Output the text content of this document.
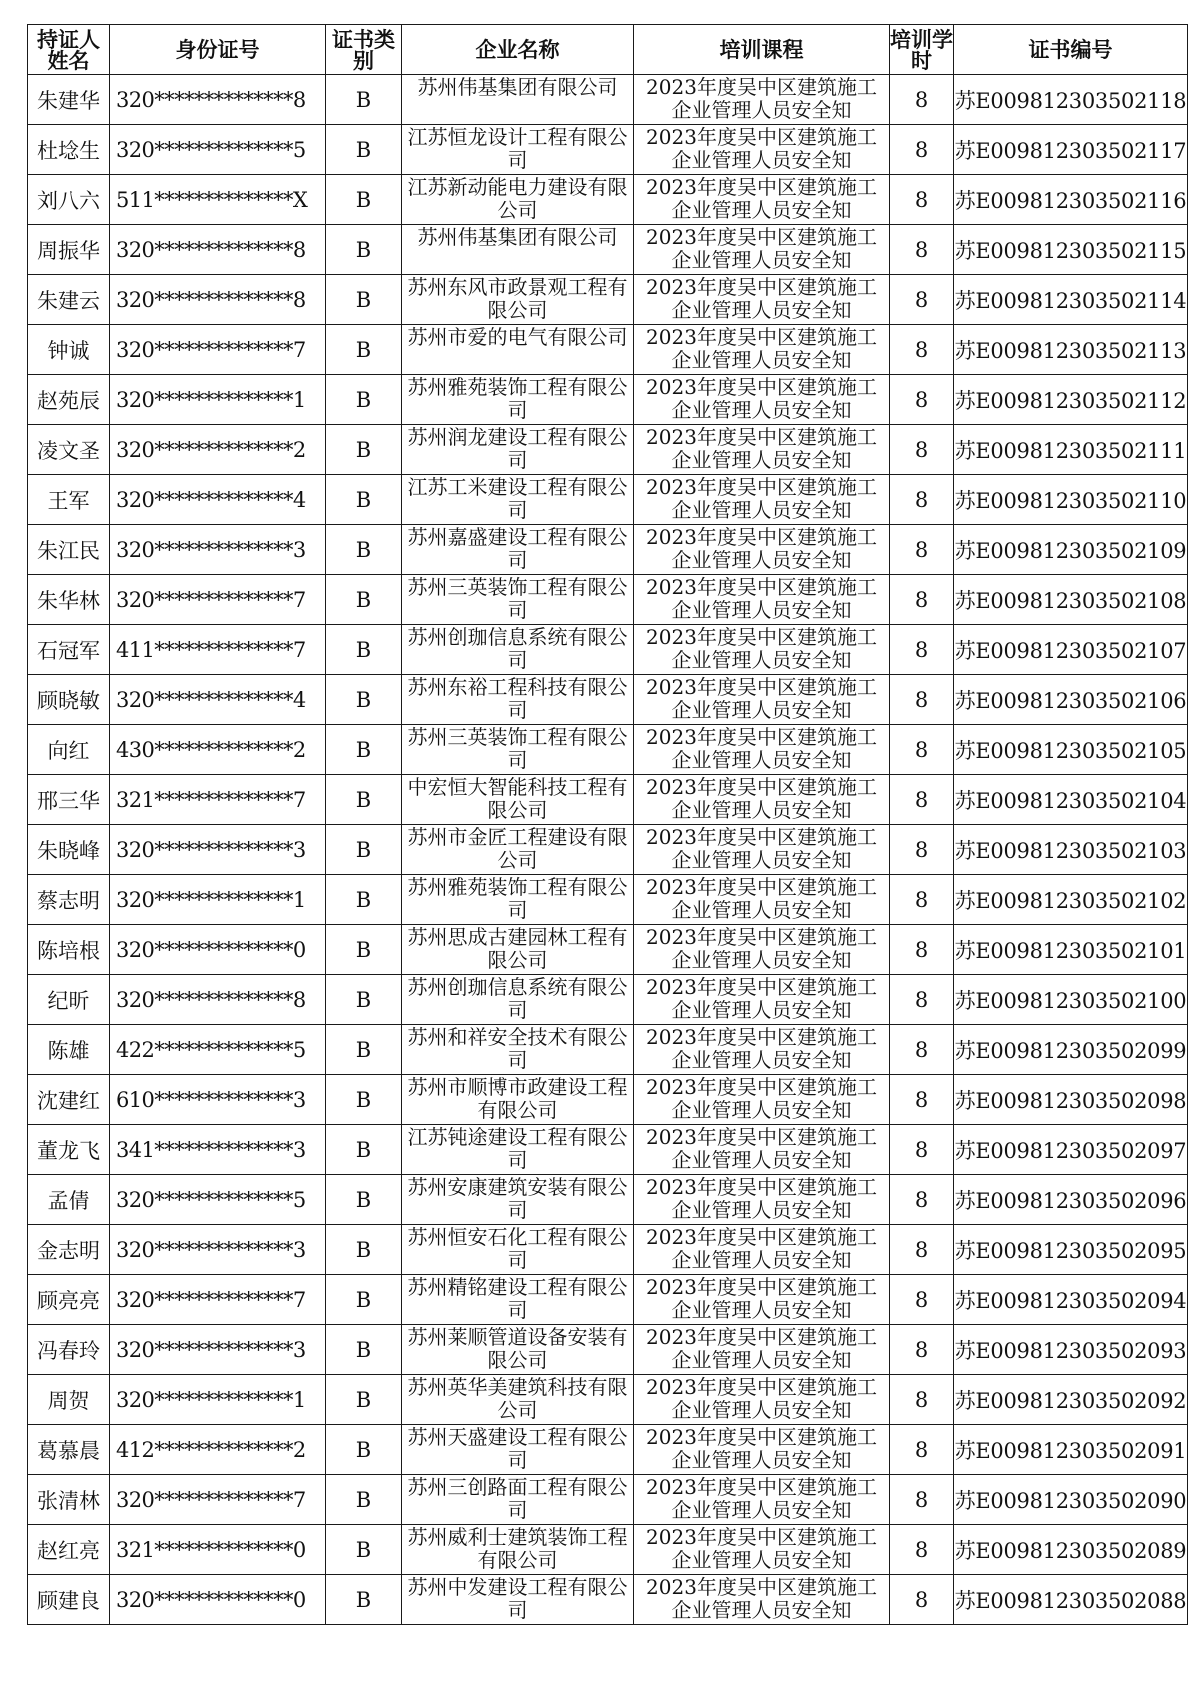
持证人姓名	身份证号	证书类别	企业名称	培训课程	培训学时	证书编号
朱建华	320**************8	B	苏州伟基集团有限公司	2023年度吴中区建筑施工企业管理人员安全知	8	苏E009812303502118
杜埝生	320**************5	B	江苏恒龙设计工程有限公司	2023年度吴中区建筑施工企业管理人员安全知	8	苏E009812303502117
刘八六	511**************X	B	江苏新动能电力建设有限公司	2023年度吴中区建筑施工企业管理人员安全知	8	苏E009812303502116
周振华	320**************8	B	苏州伟基集团有限公司	2023年度吴中区建筑施工企业管理人员安全知	8	苏E009812303502115
朱建云	320**************8	B	苏州东风市政景观工程有限公司	2023年度吴中区建筑施工企业管理人员安全知	8	苏E009812303502114
钟诚	320**************7	B	苏州市爱的电气有限公司	2023年度吴中区建筑施工企业管理人员安全知	8	苏E009812303502113
赵苑辰	320**************1	B	苏州雅苑装饰工程有限公司	2023年度吴中区建筑施工企业管理人员安全知	8	苏E009812303502112
凌文圣	320**************2	B	苏州润龙建设工程有限公司	2023年度吴中区建筑施工企业管理人员安全知	8	苏E009812303502111
王军	320**************4	B	江苏工米建设工程有限公司	2023年度吴中区建筑施工企业管理人员安全知	8	苏E009812303502110
朱江民	320**************3	B	苏州嘉盛建设工程有限公司	2023年度吴中区建筑施工企业管理人员安全知	8	苏E009812303502109
朱华林	320**************7	B	苏州三英装饰工程有限公司	2023年度吴中区建筑施工企业管理人员安全知	8	苏E009812303502108
石冠军	411**************7	B	苏州创珈信息系统有限公司	2023年度吴中区建筑施工企业管理人员安全知	8	苏E009812303502107
顾晓敏	320**************4	B	苏州东裕工程科技有限公司	2023年度吴中区建筑施工企业管理人员安全知	8	苏E009812303502106
向红	430**************2	B	苏州三英装饰工程有限公司	2023年度吴中区建筑施工企业管理人员安全知	8	苏E009812303502105
邢三华	321**************7	B	中宏恒大智能科技工程有限公司	2023年度吴中区建筑施工企业管理人员安全知	8	苏E009812303502104
朱晓峰	320**************3	B	苏州市金匠工程建设有限公司	2023年度吴中区建筑施工企业管理人员安全知	8	苏E009812303502103
蔡志明	320**************1	B	苏州雅苑装饰工程有限公司	2023年度吴中区建筑施工企业管理人员安全知	8	苏E009812303502102
陈培根	320**************0	B	苏州思成古建园林工程有限公司	2023年度吴中区建筑施工企业管理人员安全知	8	苏E009812303502101
纪昕	320**************8	B	苏州创珈信息系统有限公司	2023年度吴中区建筑施工企业管理人员安全知	8	苏E009812303502100
陈雄	422**************5	B	苏州和祥安全技术有限公司	2023年度吴中区建筑施工企业管理人员安全知	8	苏E009812303502099
沈建红	610**************3	B	苏州市顺博市政建设工程有限公司	2023年度吴中区建筑施工企业管理人员安全知	8	苏E009812303502098
董龙飞	341**************3	B	江苏钝途建设工程有限公司	2023年度吴中区建筑施工企业管理人员安全知	8	苏E009812303502097
孟倩	320**************5	B	苏州安康建筑安装有限公司	2023年度吴中区建筑施工企业管理人员安全知	8	苏E009812303502096
金志明	320**************3	B	苏州恒安石化工程有限公司	2023年度吴中区建筑施工企业管理人员安全知	8	苏E009812303502095
顾亮亮	320**************7	B	苏州精铭建设工程有限公司	2023年度吴中区建筑施工企业管理人员安全知	8	苏E009812303502094
冯春玲	320**************3	B	苏州莱顺管道设备安装有限公司	2023年度吴中区建筑施工企业管理人员安全知	8	苏E009812303502093
周贺	320**************1	B	苏州英华美建筑科技有限公司	2023年度吴中区建筑施工企业管理人员安全知	8	苏E009812303502092
葛慕晨	412**************2	B	苏州天盛建设工程有限公司	2023年度吴中区建筑施工企业管理人员安全知	8	苏E009812303502091
张清林	320**************7	B	苏州三创路面工程有限公司	2023年度吴中区建筑施工企业管理人员安全知	8	苏E009812303502090
赵红亮	321**************0	B	苏州威利士建筑装饰工程有限公司	2023年度吴中区建筑施工企业管理人员安全知	8	苏E009812303502089
顾建良	320**************0	B	苏州中发建设工程有限公司	2023年度吴中区建筑施工企业管理人员安全知	8	苏E009812303502088
